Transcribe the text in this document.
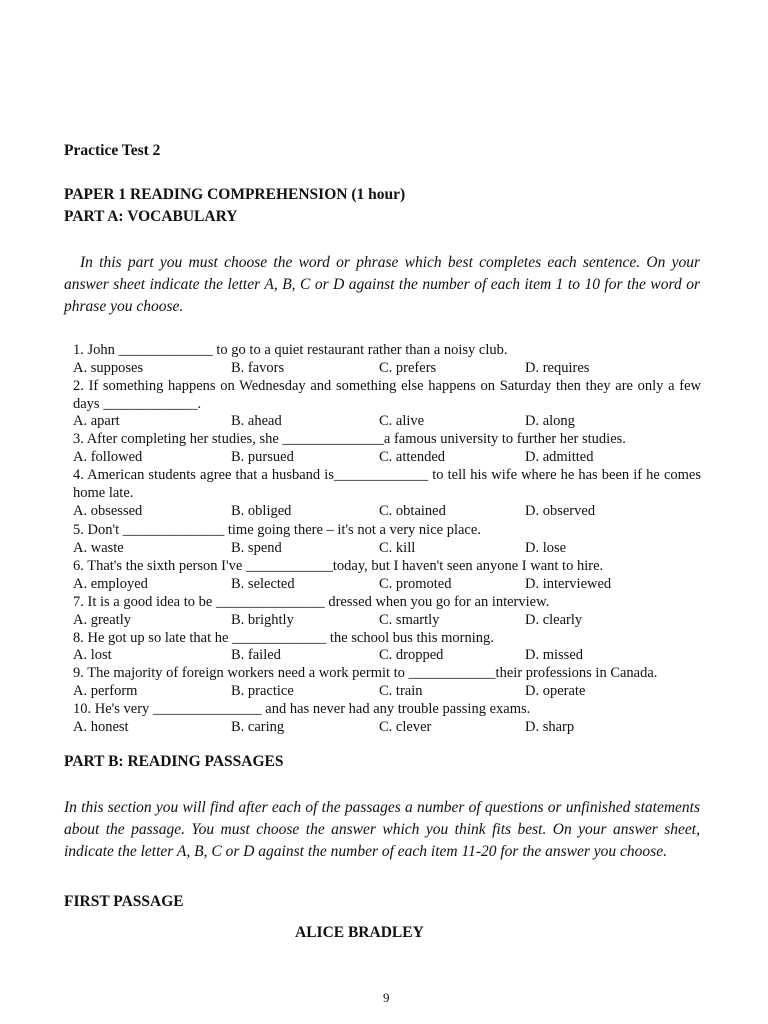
Practice Test 2
PAPER 1 READING COMPREHENSION (1 hour)
PART A: VOCABULARY
In this part you must choose the word or phrase which best completes each sentence. On your answer sheet indicate the letter A, B, C or D against the number of each item 1 to 10 for the word or phrase you choose.
1. John _____________ to go to a quiet restaurant rather than a noisy club.
A. supposes	B. favors	C. prefers	D. requires
2. If something happens on Wednesday and something else happens on Saturday then they are only a few days _____________.
A. apart	B. ahead	C. alive	D. along
3. After completing her studies, she ______________a famous university to further her studies.
A. followed	B. pursued	C. attended	D. admitted
4. American students agree that a husband is_____________ to tell his wife where he has been if he comes home late.
A. obsessed	B. obliged	C. obtained	D. observed
5. Don't ______________ time going there – it's not a very nice place.
A. waste	B. spend	C. kill	D. lose
6. That's the sixth person I've ____________today, but I haven't seen anyone I want to hire.
A. employed	B. selected	C. promoted	D. interviewed
7. It is a good idea to be _______________ dressed when you go for an interview.
A. greatly	B. brightly	C. smartly	D. clearly
8. He got up so late that he _____________ the school bus this morning.
A. lost	B. failed	C. dropped	D. missed
9. The majority of foreign workers need a work permit to ____________their professions in Canada.
A. perform	B. practice	C. train	D. operate
10. He's very _______________ and has never had any trouble passing exams.
A. honest	B. caring	C. clever	D. sharp
PART B: READING PASSAGES
In this section you will find after each of the passages a number of questions or unfinished statements about the passage. You must choose the answer which you think fits best. On your answer sheet, indicate the letter A, B, C or D against the number of each item 11-20 for the answer you choose.
FIRST PASSAGE
ALICE BRADLEY
9
